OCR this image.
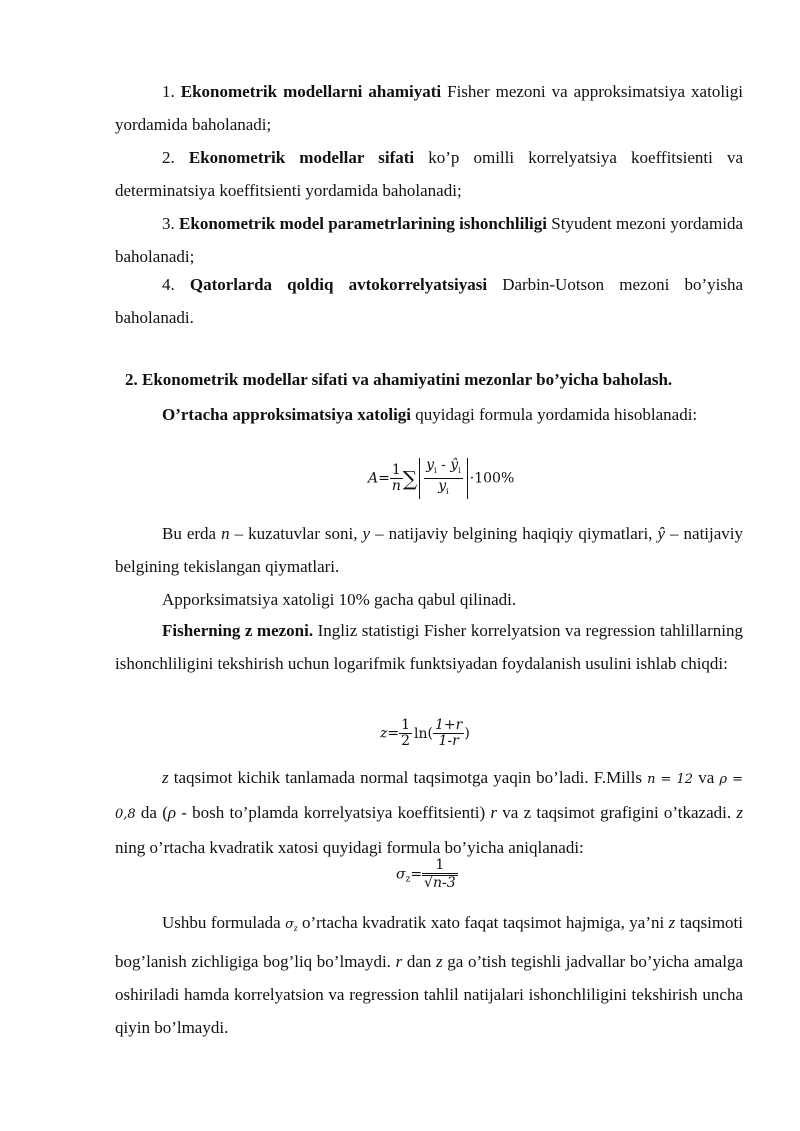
1. Ekonometrik modellarni ahamiyati Fisher mezoni va approksimatsiya xatoligi yordamida baholanadi;

2. Ekonometrik modellar sifati ko’p omilli korrelyatsiya koeffitsienti va determinatsiya koeffitsienti yordamida baholanadi;

3. Ekonometrik model parametrlarining ishonchliligi Styudent mezoni yordamida baholanadi;

4. Qatorlarda qoldiq avtokorrelyatsiyasi Darbin-Uotson mezoni bo’yisha baholanadi.

2. Ekonometrik modellar sifati va ahamiyatini mezonlar bo’yicha baholash.

O’rtacha approksimatsiya xatoligi quyidagi formula yordamida hisoblanadi:

$A= \frac{1}{n}$ ∑ $\frac{y_i - ŷ_i}{y_i} \cdot 100\%$

Bu erda n – kuzatuvlar soni, y – natijaviy belgining haqiqiy qiymatlari, ŷ – natijaviy belgining tekislangan qiymatlari.

Apporksimatsiya xatoligi 10% gacha qabul qilinadi.

Fisherning z mezoni. Ingliz statistigi Fisher korrelyatsion va regression tahlillarning ishonchliligini tekshirish uchun logarifmik funktsiyadan foydalanish usulini ishlab chiqdi:

$z= \frac{1}{2} \ln( \frac{1+r}{1-r}$ )

z taqsimot kichik tanlamada normal taqsimotga yaqin bo’ladi. F.Mills n = 12 va ρ = 0,8 da (ρ - bosh to’plamda korrelyatsiya koeffitsienti) r va z taqsimot grafigini o’tkazadi. z ning o’rtacha kvadratik xatosi quyidagi formula bo’yicha aniqlanadi:

$\sigma_z= \frac{1}{√n-3}$

Ushbu formulada $\sigma_z$ o’rtacha kvadratik xato faqat taqsimot hajmiga, ya’ni z taqsimoti bog’lanish zichligiga bog’liq bo’lmaydi. r dan z ga o’tish tegishli jadvallar bo’yicha amalga oshiriladi hamda korrelyatsion va regression tahlil natijalari ishonchliligini tekshirish uncha qiyin bo’lmaydi.
